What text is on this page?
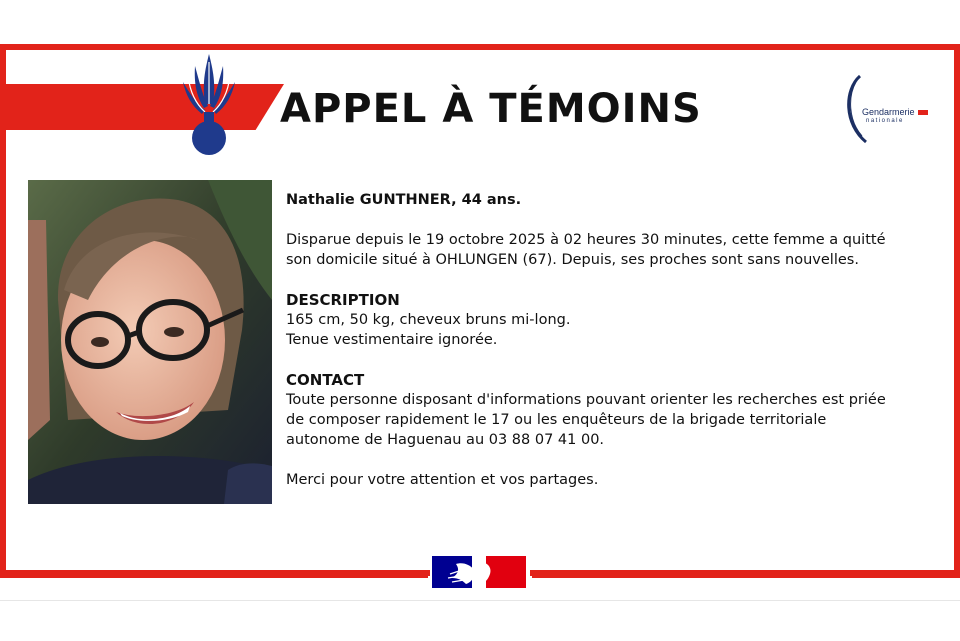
APPEL À TÉMOINS	Gendarmerie
nationale

Nathalie GUNTHNER, 44 ans.

Disparue depuis le 19 octobre 2025 à 02 heures 30 minutes, cette femme a quitté son domicile situé à OHLUNGEN (67). Depuis, ses proches sont sans nouvelles.

DESCRIPTION

165 cm, 50 kg, cheveux bruns mi-long.

Tenue vestimentaire ignorée.

CONTACT

Toute personne disposant d'informations pouvant orienter les recherches est priée de composer rapidement le 17 ou les enquêteurs de la brigade territoriale autonome de Haguenau au 03 88 07 41 00.

Merci pour votre attention et vos partages.
